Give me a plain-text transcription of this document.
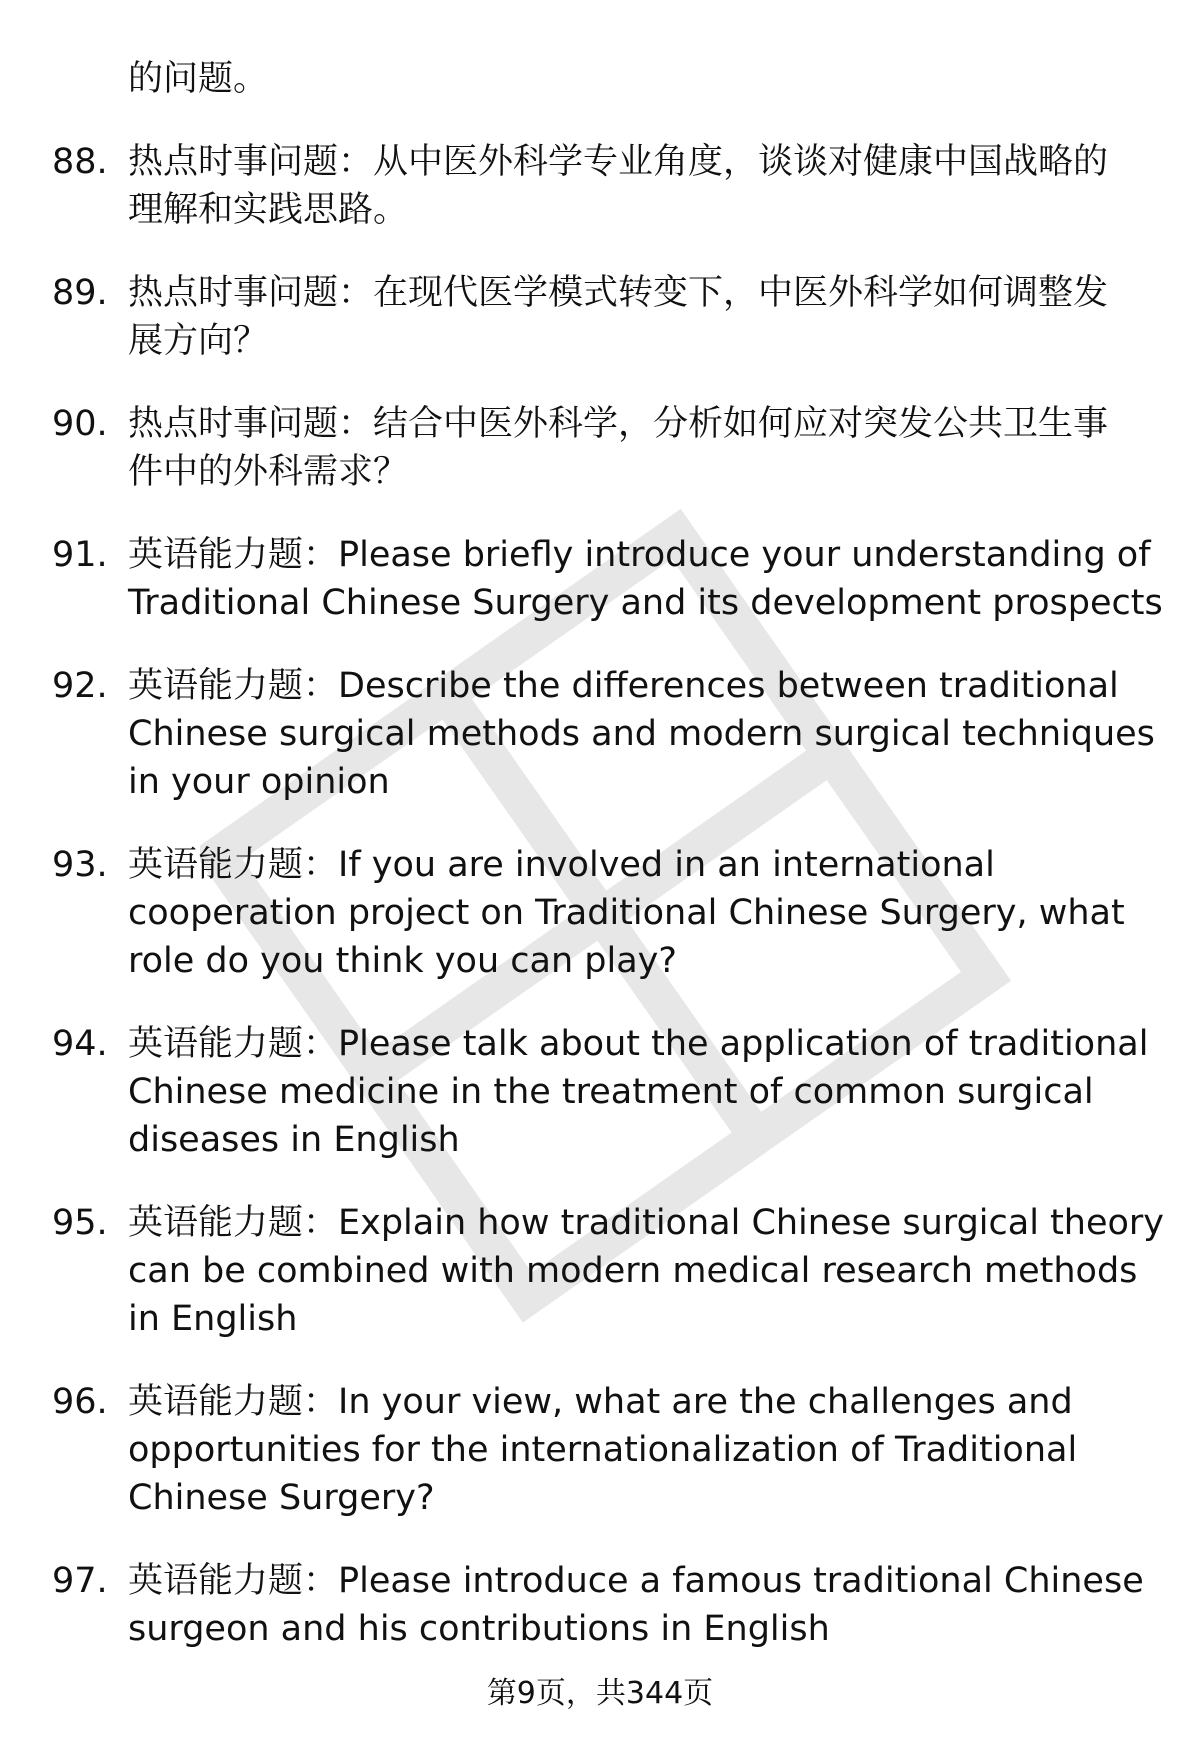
的问题。
88. 热点时事问题：从中医外科学专业角度，谈谈对健康中国战略的
理解和实践思路。
89. 热点时事问题：在现代医学模式转变下，中医外科学如何调整发
展方向？
90. 热点时事问题：结合中医外科学，分析如何应对突发公共卫生事
件中的外科需求？
91. 英语能力题：Please briefly introduce your understanding of
Traditional Chinese Surgery and its development prospects
92. 英语能力题：Describe the differences between traditional
Chinese surgical methods and modern surgical techniques
in your opinion
93. 英语能力题：If you are involved in an international
cooperation project on Traditional Chinese Surgery, what
role do you think you can play?
94. 英语能力题：Please talk about the application of traditional
Chinese medicine in the treatment of common surgical
diseases in English
95. 英语能力题：Explain how traditional Chinese surgical theory
can be combined with modern medical research methods
in English
96. 英语能力题：In your view, what are the challenges and
opportunities for the internationalization of Traditional
Chinese Surgery?
97. 英语能力题：Please introduce a famous traditional Chinese
surgeon and his contributions in English
第9页，共344页
